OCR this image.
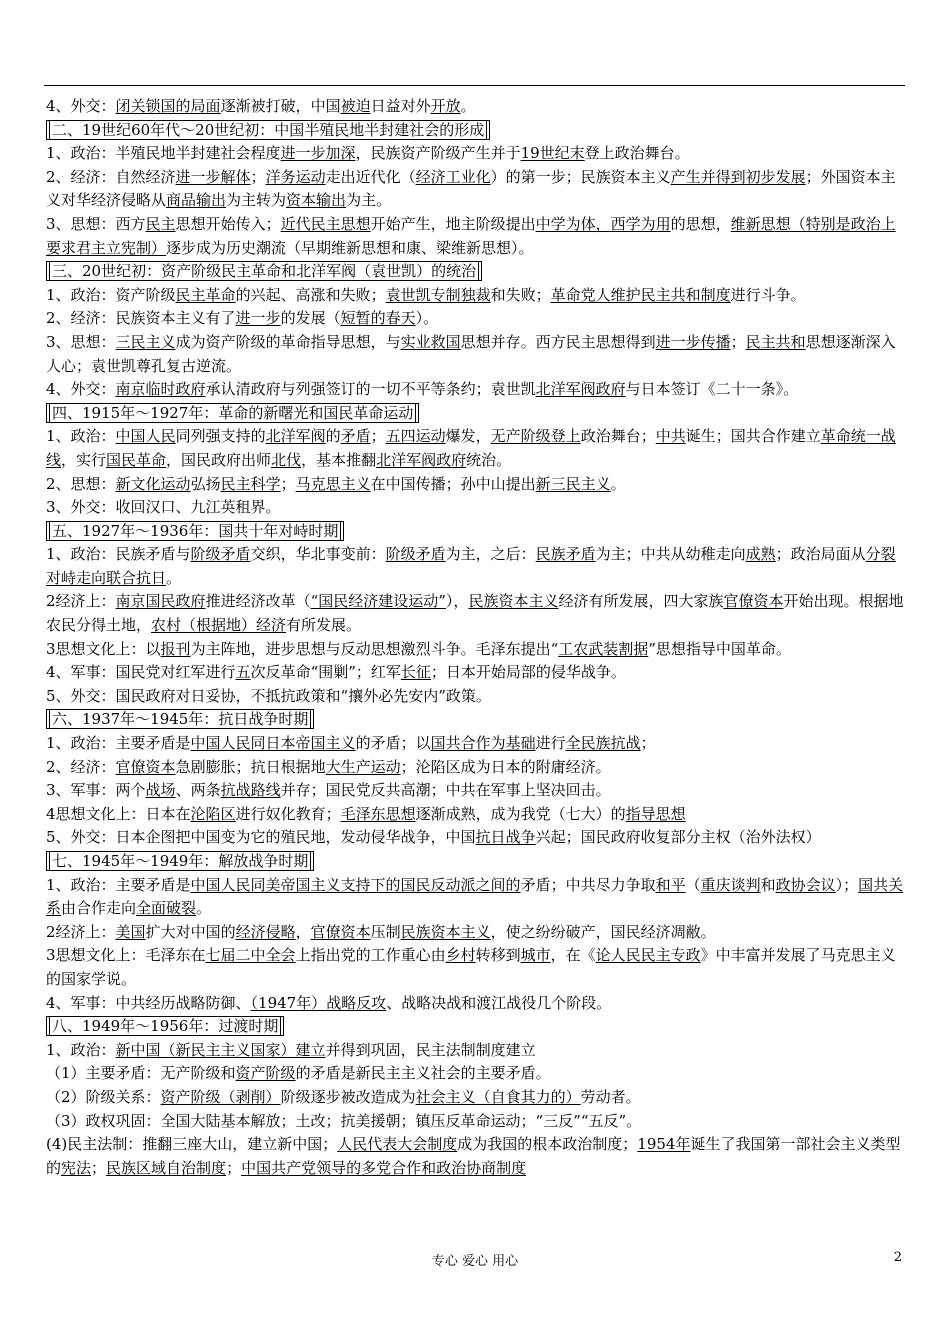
4、外交：闭关锁国的局面逐渐被打破，中国被迫日益对外开放。
二、19世纪60年代～20世纪初：中国半殖民地半封建社会的形成
1、政治：半殖民地半封建社会程度进一步加深，民族资产阶级产生并于19世纪末登上政治舞台。
2、经济：自然经济进一步解体；洋务运动走出近代化（经济工业化）的第一步；民族资本主义产生并得到初步发展；外国资本主义对华经济侵略从商品输出为主转为资本输出为主。
3、思想：西方民主思想开始传入；近代民主思想开始产生，地主阶级提出中学为体，西学为用的思想，维新思想（特别是政治上要求君主立宪制）逐步成为历史潮流（早期维新思想和康、梁维新思想）。
三、20世纪初：资产阶级民主革命和北洋军阀（袁世凯）的统治
1、政治：资产阶级民主革命的兴起、高涨和失败；袁世凯专制独裁和失败；革命党人维护民主共和制度进行斗争。
2、经济：民族资本主义有了进一步的发展（短暂的春天）。
3、思想：三民主义成为资产阶级的革命指导思想，与实业救国思想并存。西方民主思想得到进一步传播；民主共和思想逐渐深入人心；袁世凯尊孔复古逆流。
4、外交：南京临时政府承认清政府与列强签订的一切不平等条约；袁世凯北洋军阀政府与日本签订《二十一条》。
四、1915年～1927年：革命的新曙光和国民革命运动
1、政治：中国人民同列强支持的北洋军阀的矛盾；五四运动爆发，无产阶级登上政治舞台；中共诞生；国共合作建立革命统一战线，实行国民革命，国民政府出师北伐，基本推翻北洋军阀政府统治。
2、思想：新文化运动弘扬民主科学；马克思主义在中国传播；孙中山提出新三民主义。
3、外交：收回汉口、九江英租界。
五、1927年～1936年：国共十年对峙时期
1、政治：民族矛盾与阶级矛盾交织，华北事变前：阶级矛盾为主，之后：民族矛盾为主；中共从幼稚走向成熟；政治局面从分裂对峙走向联合抗日。
2经济上：南京国民政府推进经济改革（“国民经济建设运动”），民族资本主义经济有所发展，四大家族官僚资本开始出现。根据地农民分得土地，农村（根据地）经济有所发展。
3思想文化上：以报刊为主阵地，进步思想与反动思想激烈斗争。毛泽东提出“工农武装割据”思想指导中国革命。
4、军事：国民党对红军进行五次反革命“围剿”；红军长征；日本开始局部的侵华战争。
5、外交：国民政府对日妥协，不抵抗政策和“攘外必先安内”政策。
六、1937年～1945年：抗日战争时期
1、政治：主要矛盾是中国人民同日本帝国主义的矛盾；以国共合作为基础进行全民族抗战；
2、经济：官僚资本急剧膨胀；抗日根据地大生产运动；沦陷区成为日本的附庸经济。
3、军事：两个战场、两条抗战路线并存；国民党反共高潮；中共在军事上坚决回击。
4思想文化上：日本在沦陷区进行奴化教育；毛泽东思想逐渐成熟，成为我党（七大）的指导思想
5、外交：日本企图把中国变为它的殖民地，发动侵华战争，中国抗日战争兴起；国民政府收复部分主权（治外法权）
七、1945年～1949年：解放战争时期
1、政治：主要矛盾是中国人民同美帝国主义支持下的国民反动派之间的矛盾；中共尽力争取和平（重庆谈判和政协会议）；国共关系由合作走向全面破裂。
2经济上：美国扩大对中国的经济侵略，官僚资本压制民族资本主义，使之纷纷破产，国民经济凋敝。
3思想文化上：毛泽东在七届二中全会上指出党的工作重心由乡村转移到城市，在《论人民民主专政》中丰富并发展了马克思主义的国家学说。
4、军事：中共经历战略防御、（1947年）战略反攻、战略决战和渡江战役几个阶段。
八、1949年～1956年：过渡时期
1、政治：新中国（新民主主义国家）建立并得到巩固，民主法制制度建立
（1）主要矛盾：无产阶级和资产阶级的矛盾是新民主主义社会的主要矛盾。
（2）阶级关系：资产阶级（剥削）阶级逐步被改造成为社会主义（自食其力的）劳动者。
（3）政权巩固：全国大陆基本解放；土改；抗美援朝；镇压反革命运动；“三反”“五反”。
(4)民主法制：推翻三座大山，建立新中国；人民代表大会制度成为我国的根本政治制度；1954年诞生了我国第一部社会主义类型的宪法；民族区域自治制度；中国共产党领导的多党合作和政治协商制度
专心 爱心 用心	2
